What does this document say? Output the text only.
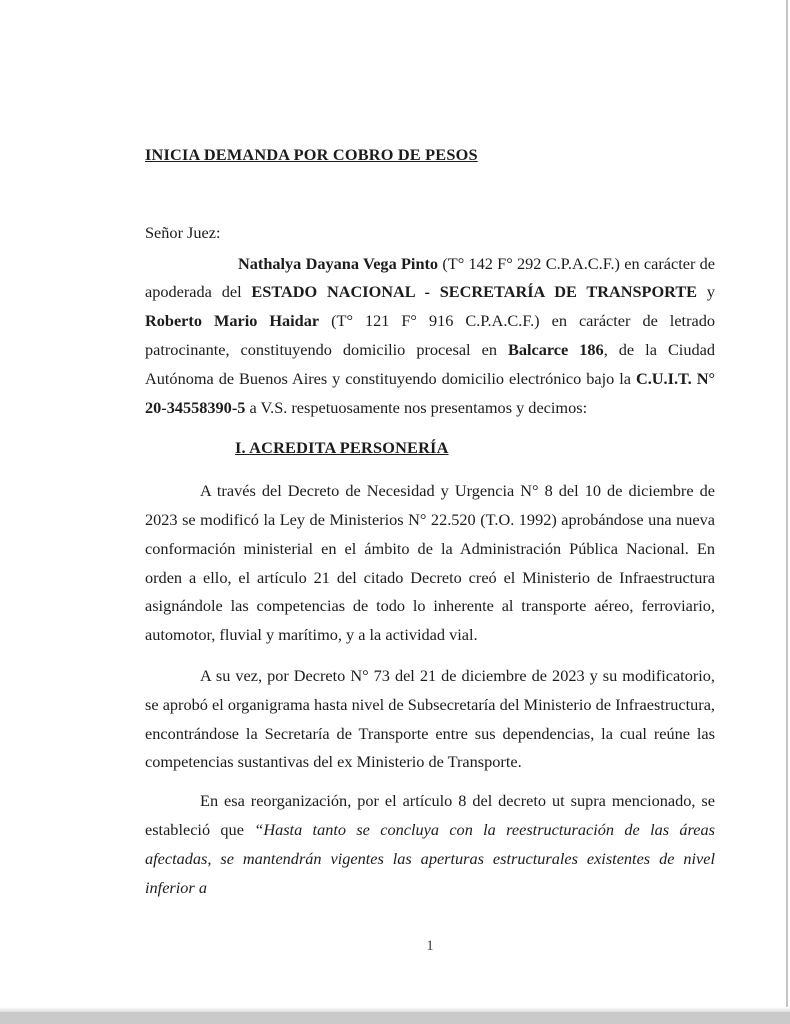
INICIA DEMANDA POR COBRO DE PESOS

Señor Juez:

Nathalya Dayana Vega Pinto (T° 142 F° 292 C.P.A.C.F.) en carácter de apoderada del ESTADO NACIONAL - SECRETARÍA DE TRANSPORTE y Roberto Mario Haidar (T° 121 F° 916 C.P.A.C.F.) en carácter de letrado patrocinante, constituyendo domicilio procesal en Balcarce 186, de la Ciudad Autónoma de Buenos Aires y constituyendo domicilio electrónico bajo la C.U.I.T. N° 20-34558390-5 a V.S. respetuosamente nos presentamos y decimos:

I. ACREDITA PERSONERÍA

A través del Decreto de Necesidad y Urgencia N° 8 del 10 de diciembre de 2023 se modificó la Ley de Ministerios N° 22.520 (T.O. 1992) aprobándose una nueva conformación ministerial en el ámbito de la Administración Pública Nacional. En orden a ello, el artículo 21 del citado Decreto creó el Ministerio de Infraestructura asignándole las competencias de todo lo inherente al transporte aéreo, ferroviario, automotor, fluvial y marítimo, y a la actividad vial.

A su vez, por Decreto N° 73 del 21 de diciembre de 2023 y su modificatorio, se aprobó el organigrama hasta nivel de Subsecretaría del Ministerio de Infraestructura, encontrándose la Secretaría de Transporte entre sus dependencias, la cual reúne las competencias sustantivas del ex Ministerio de Transporte.

En esa reorganización, por el artículo 8 del decreto ut supra mencionado, se estableció que “Hasta tanto se concluya con la reestructuración de las áreas afectadas, se mantendrán vigentes las aperturas estructurales existentes de nivel inferior a

1
